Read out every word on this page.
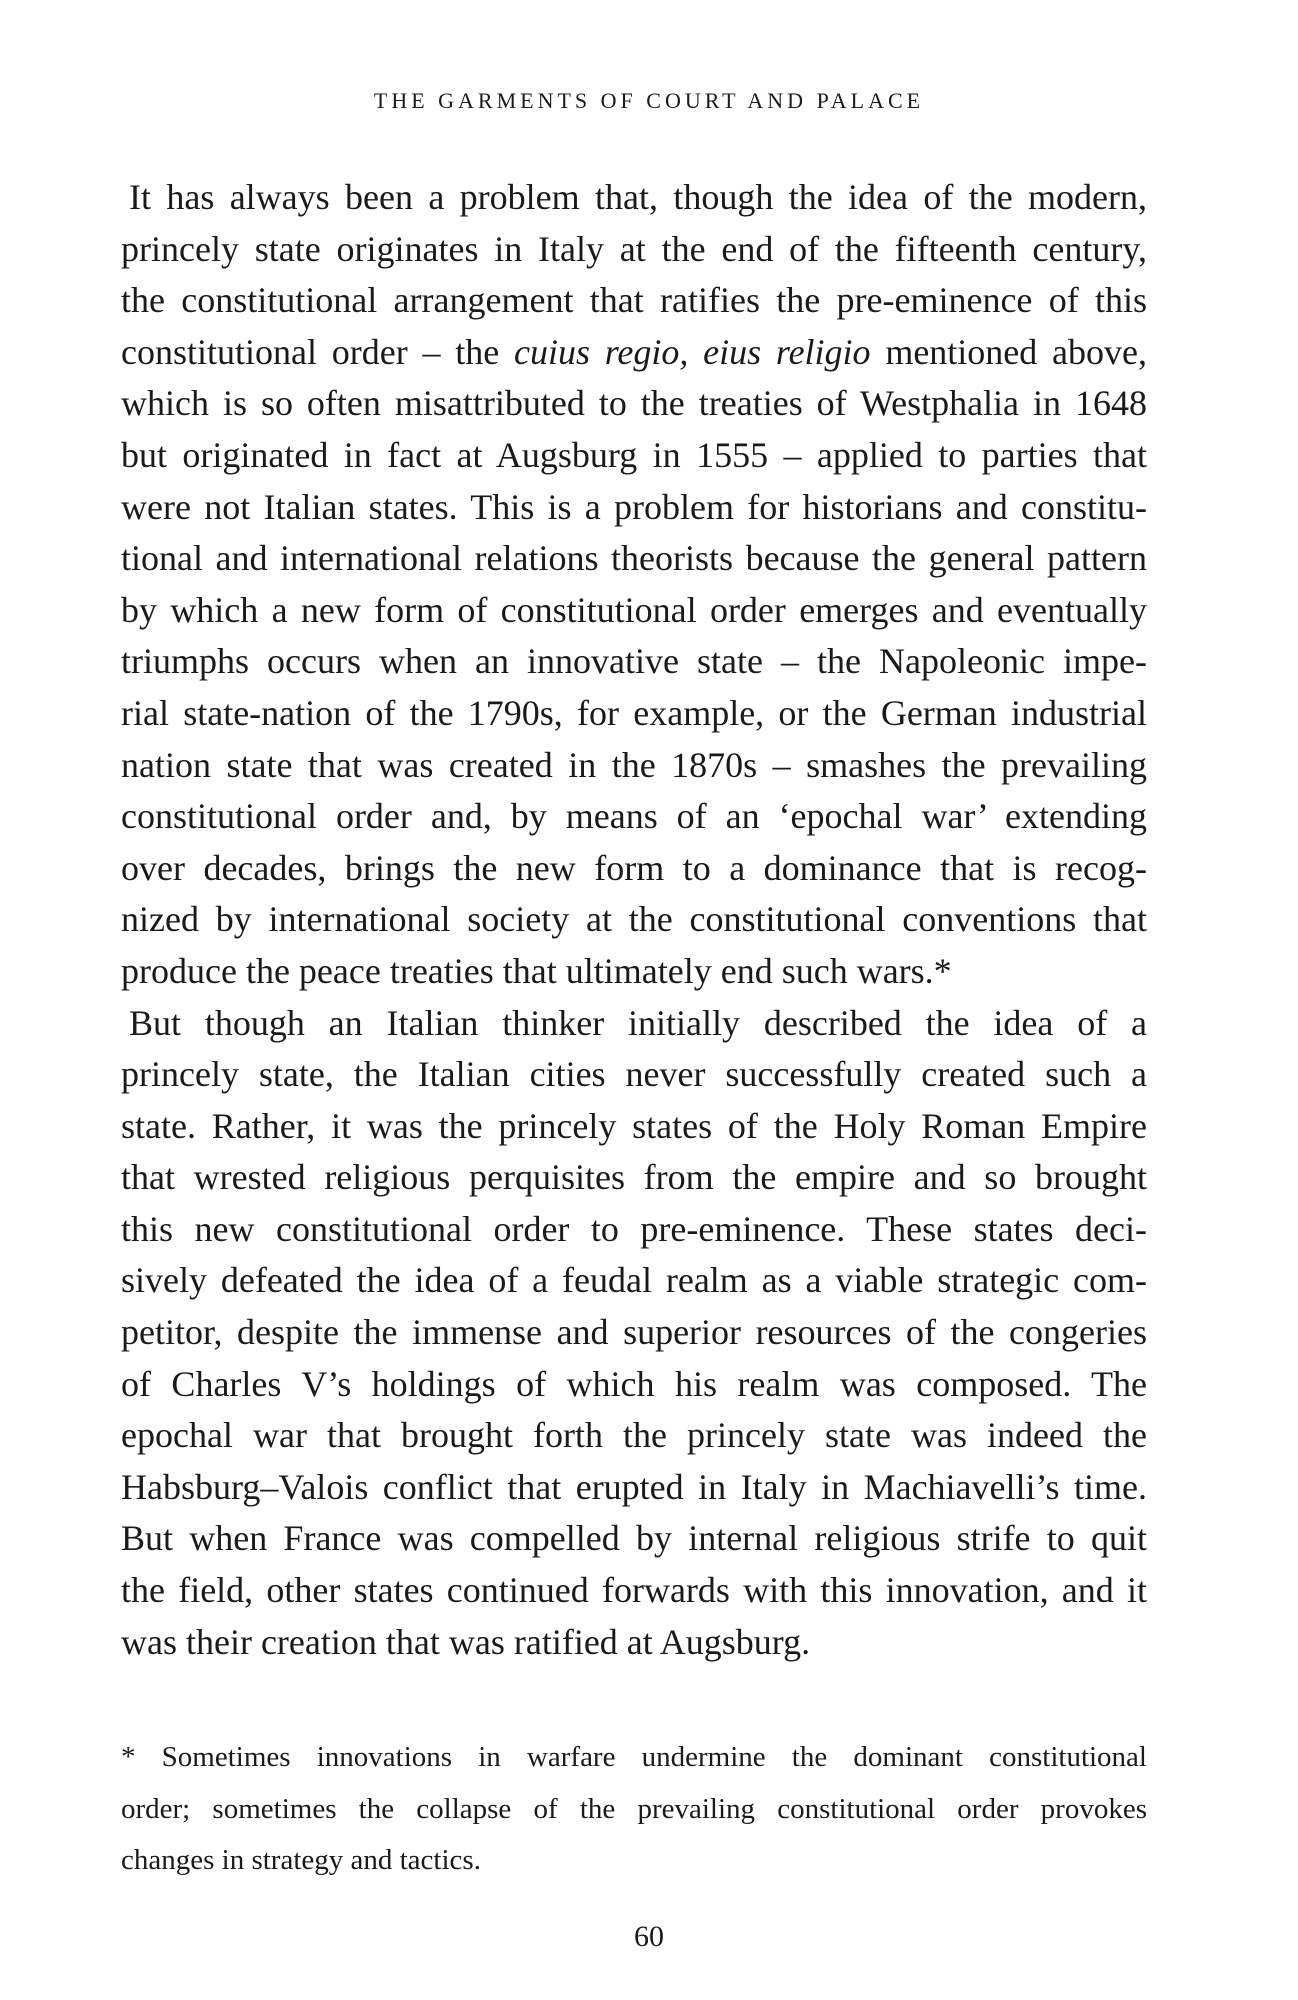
THE GARMENTS OF COURT AND PALACE
It has always been a problem that, though the idea of the modern,
princely state originates in Italy at the end of the fifteenth century,
the constitutional arrangement that ratifies the pre-eminence of this
constitutional order – the cuius regio, eius religio mentioned above,
which is so often misattributed to the treaties of Westphalia in 1648
but originated in fact at Augsburg in 1555 – applied to parties that
were not Italian states. This is a problem for historians and constitu-
tional and international relations theorists because the general pattern
by which a new form of constitutional order emerges and eventually
triumphs occurs when an innovative state – the Napoleonic impe-
rial state-nation of the 1790s, for example, or the German industrial
nation state that was created in the 1870s – smashes the prevailing
constitutional order and, by means of an ‘epochal war’ extending
over decades, brings the new form to a dominance that is recog-
nized by international society at the constitutional conventions that
produce the peace treaties that ultimately end such wars.*
But though an Italian thinker initially described the idea of a
princely state, the Italian cities never successfully created such a
state. Rather, it was the princely states of the Holy Roman Empire
that wrested religious perquisites from the empire and so brought
this new constitutional order to pre-eminence. These states deci-
sively defeated the idea of a feudal realm as a viable strategic com-
petitor, despite the immense and superior resources of the congeries
of Charles V’s holdings of which his realm was composed. The
epochal war that brought forth the princely state was indeed the
Habsburg–Valois conflict that erupted in Italy in Machiavelli’s time.
But when France was compelled by internal religious strife to quit
the field, other states continued forwards with this innovation, and it
was their creation that was ratified at Augsburg.
* Sometimes innovations in warfare undermine the dominant constitutional
order; sometimes the collapse of the prevailing constitutional order provokes
changes in strategy and tactics.
60
